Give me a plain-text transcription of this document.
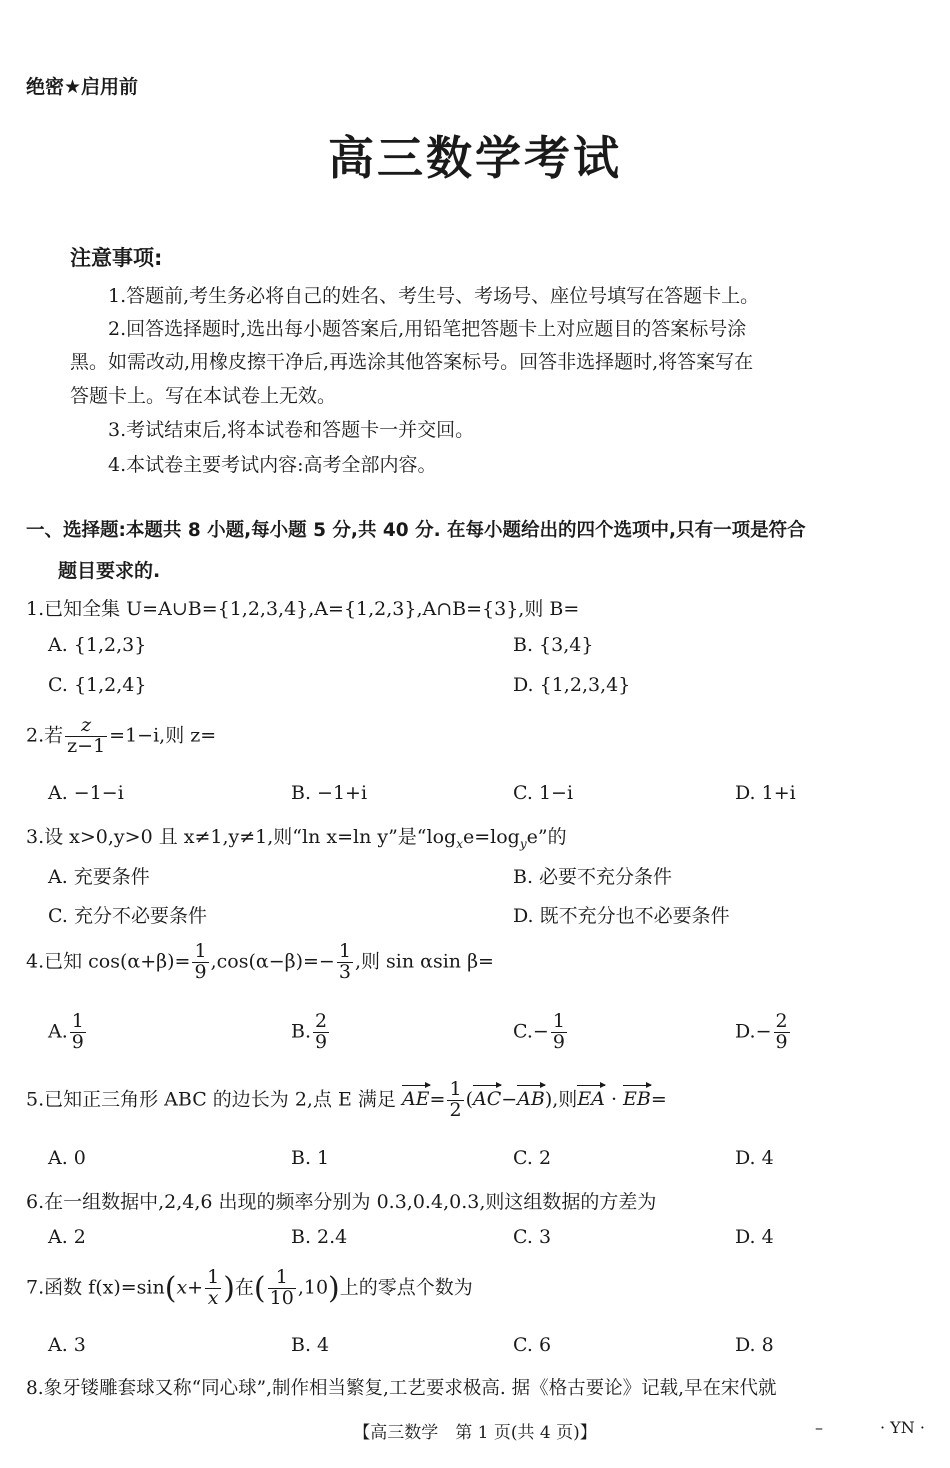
绝密★启用前
高三数学考试
注意事项:
1.答题前,考生务必将自己的姓名、考生号、考场号、座位号填写在答题卡上。
2.回答选择题时,选出每小题答案后,用铅笔把答题卡上对应题目的答案标号涂
黑。如需改动,用橡皮擦干净后,再选涂其他答案标号。回答非选择题时,将答案写在
答题卡上。写在本试卷上无效。
3.考试结束后,将本试卷和答题卡一并交回。
4.本试卷主要考试内容:高考全部内容。
一、选择题:本题共 8 小题,每小题 5 分,共 40 分. 在每小题给出的四个选项中,只有一项是符合
题目要求的.
1.已知全集 U=A∪B={1,2,3,4},A={1,2,3},A∩B={3},则 B=
A. {1,2,3}	B. {3,4}
C. {1,2,4}	D. {1,2,3,4}
2.若 $\frac{z}{z-1} =1-i$,则 z=
A. −1−i	B. −1+i	C. 1−i	D. 1+i
3.设 x>0,y>0 且 x≠1,y≠1,则“ln x=ln y”是“$\log_xe=\log_ye$”的
A. 充要条件	B. 必要不充分条件
C. 充分不必要条件	D. 既不充分也不必要条件
4.已知 $\cos(\alpha+\beta)= \frac{1}{9} ,\cos(\alpha-\beta)=- \frac{1}{3}$ ,则 sin αsin β=
A. $\frac{1}{9}$	B. $\frac{2}{9}$	$C.- \frac{1}{9}$	$D.- \frac{2}{9}$
5.已知正三角形 ABC 的边长为 2,点 E 满足 $AE= \frac{1}{2} (AC-AB)$,则EA · EB=
A. 0	B. 1	C. 2	D. 4
6.在一组数据中,2,4,6 出现的频率分别为 0.3,0.4,0.3,则这组数据的方差为
A. 2	B. 2.4	C. 3	D. 4
7.函数 $f(x)=\sin(x+ \frac{1}{x}$ )在( $\frac{1}{10} ,10$)上的零点个数为
A. 3	B. 4	C. 6	D. 8
8.象牙镂雕套球又称“同心球”,制作相当繁复,工艺要求极高. 据《格古要论》记载,早在宋代就
【高三数学　第 1 页(共 4 页)】	–	· YN ·
